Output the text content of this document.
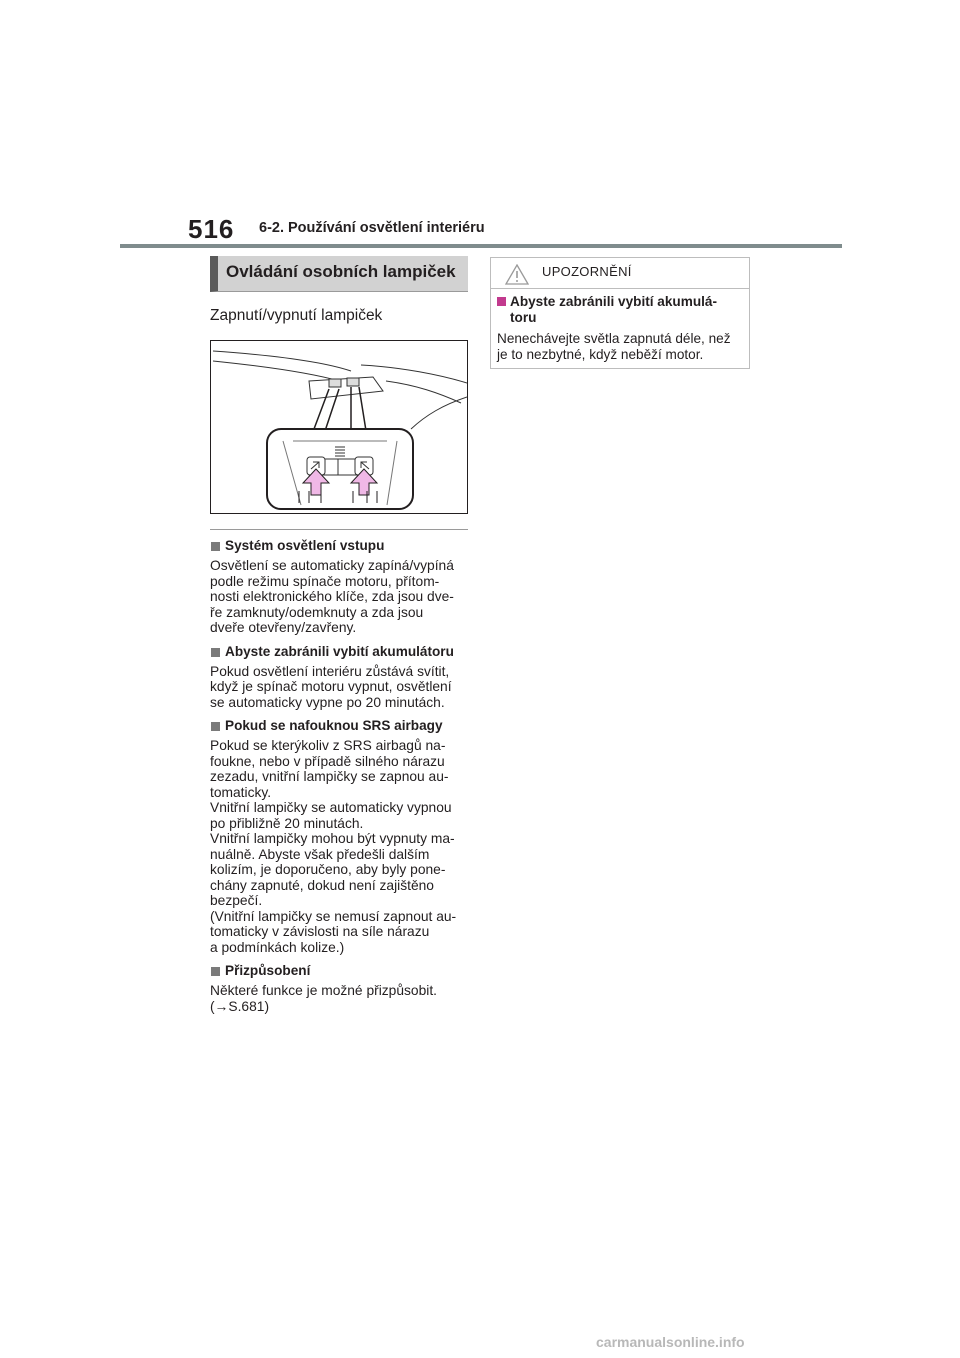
516 6-2. Používání osvětlení interiéru
Ovládání osobních lampiček
Zapnutí/vypnutí lampiček
Systém osvětlení vstupu
Osvětlení se automaticky zapíná/vypíná
podle režimu spínače motoru, přítom-
nosti elektronického klíče, zda jsou dve-
ře zamknuty/odemknuty a zda jsou
dveře otevřeny/zavřeny.
Abyste zabránili vybití akumulátoru
Pokud osvětlení interiéru zůstává svítit,
když je spínač motoru vypnut, osvětlení
se automaticky vypne po 20 minutách.
Pokud se nafouknou SRS airbagy
Pokud se kterýkoliv z SRS airbagů na-
foukne, nebo v případě silného nárazu
zezadu, vnitřní lampičky se zapnou au-
tomaticky.
Vnitřní lampičky se automaticky vypnou
po přibližně 20 minutách.
Vnitřní lampičky mohou být vypnuty ma-
nuálně. Abyste však předešli dalším
kolizím, je doporučeno, aby byly pone-
chány zapnuté, dokud není zajištěno
bezpečí.
(Vnitřní lampičky se nemusí zapnout au-
tomaticky v závislosti na síle nárazu
a podmínkách kolize.)
Přizpůsobení
Některé funkce je možné přizpůsobit.
(→S.681)
UPOZORNĚNÍ
Abyste zabránili vybití akumulá-
toru
Nenechávejte světla zapnutá déle, než
je to nezbytné, když neběží motor.
carmanualsonline.info
